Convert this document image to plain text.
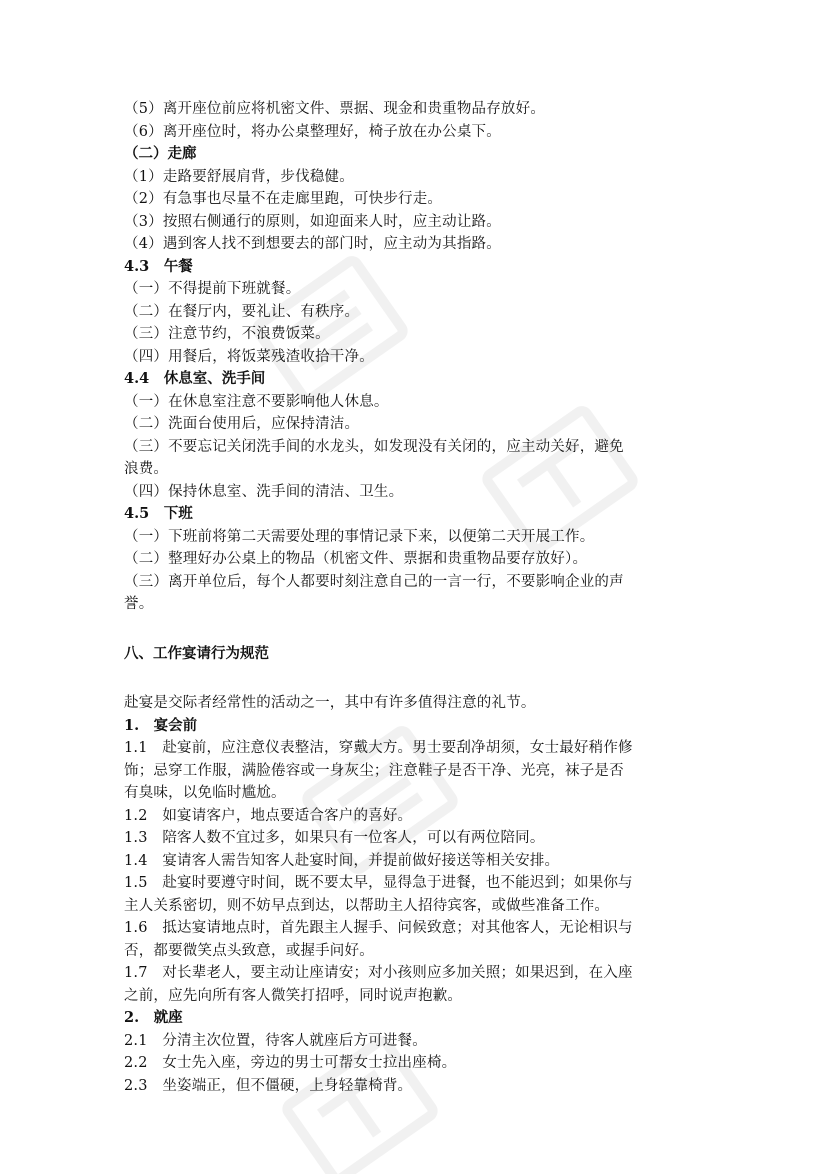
（5）离开座位前应将机密文件、票据、现金和贵重物品存放好。
（6）离开座位时，将办公桌整理好，椅子放在办公桌下。
（二）走廊
（1）走路要舒展肩背，步伐稳健。
（2）有急事也尽量不在走廊里跑，可快步行走。
（3）按照右侧通行的原则，如迎面来人时，应主动让路。
（4）遇到客人找不到想要去的部门时，应主动为其指路。
4.3　午餐
（一）不得提前下班就餐。
（二）在餐厅内，要礼让、有秩序。
（三）注意节约，不浪费饭菜。
（四）用餐后，将饭菜残渣收拾干净。
4.4　休息室、洗手间
（一）在休息室注意不要影响他人休息。
（二）洗面台使用后，应保持清洁。
（三）不要忘记关闭洗手间的水龙头，如发现没有关闭的，应主动关好，避免
浪费。
（四）保持休息室、洗手间的清洁、卫生。
4.5　下班
（一）下班前将第二天需要处理的事情记录下来，以便第二天开展工作。
（二）整理好办公桌上的物品（机密文件、票据和贵重物品要存放好）。
（三）离开单位后，每个人都要时刻注意自己的一言一行，不要影响企业的声
誉。
八、工作宴请行为规范
赴宴是交际者经常性的活动之一，其中有许多值得注意的礼节。
1.　宴会前
1.1　赴宴前，应注意仪表整洁，穿戴大方。男士要刮净胡须，女士最好稍作修
饰；忌穿工作服，满脸倦容或一身灰尘；注意鞋子是否干净、光亮，袜子是否
有臭味，以免临时尴尬。
1.2　如宴请客户，地点要适合客户的喜好。
1.3　陪客人数不宜过多，如果只有一位客人，可以有两位陪同。
1.4　宴请客人需告知客人赴宴时间，并提前做好接送等相关安排。
1.5　赴宴时要遵守时间，既不要太早，显得急于进餐，也不能迟到；如果你与
主人关系密切，则不妨早点到达，以帮助主人招待宾客，或做些准备工作。
1.6　抵达宴请地点时，首先跟主人握手、问候致意；对其他客人，无论相识与
否，都要微笑点头致意，或握手问好。
1.7　对长辈老人，要主动让座请安；对小孩则应多加关照；如果迟到，在入座
之前，应先向所有客人微笑打招呼，同时说声抱歉。
2.　就座
2.1　分清主次位置，待客人就座后方可进餐。
2.2　女士先入座，旁边的男士可帮女士拉出座椅。
2.3　坐姿端正，但不僵硬，上身轻靠椅背。
